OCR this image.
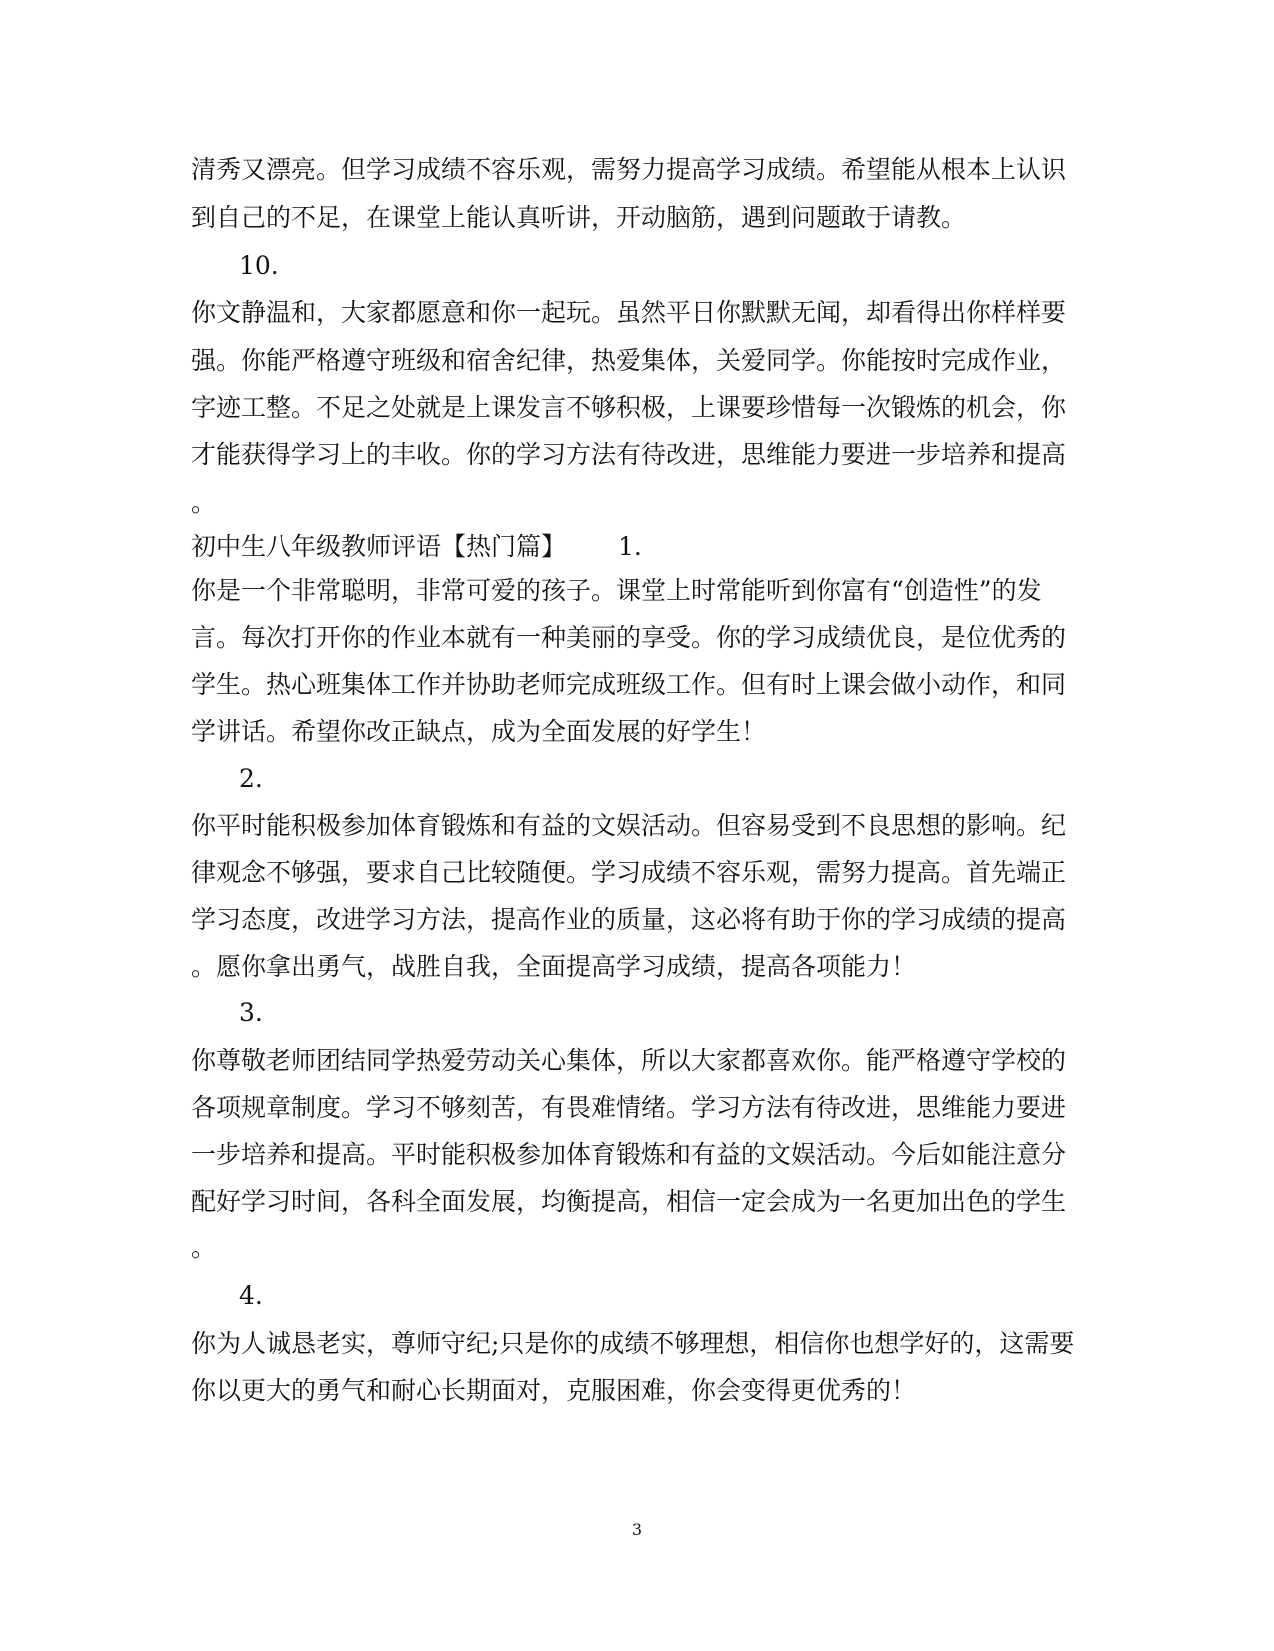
清秀又漂亮。但学习成绩不容乐观，需努力提高学习成绩。希望能从根本上认识
到自己的不足，在课堂上能认真听讲，开动脑筋，遇到问题敢于请教。
10.
你文静温和，大家都愿意和你一起玩。虽然平日你默默无闻，却看得出你样样要
强。你能严格遵守班级和宿舍纪律，热爱集体，关爱同学。你能按时完成作业，
字迹工整。不足之处就是上课发言不够积极，上课要珍惜每一次锻炼的机会，你
才能获得学习上的丰收。你的学习方法有待改进，思维能力要进一步培养和提高
。
初中生八年级教师评语【热门篇】 1.
你是一个非常聪明，非常可爱的孩子。课堂上时常能听到你富有“创造性”的发
言。每次打开你的作业本就有一种美丽的享受。你的学习成绩优良，是位优秀的
学生。热心班集体工作并协助老师完成班级工作。但有时上课会做小动作，和同
学讲话。希望你改正缺点，成为全面发展的好学生！
2.
你平时能积极参加体育锻炼和有益的文娱活动。但容易受到不良思想的影响。纪
律观念不够强，要求自己比较随便。学习成绩不容乐观，需努力提高。首先端正
学习态度，改进学习方法，提高作业的质量，这必将有助于你的学习成绩的提高
。愿你拿出勇气，战胜自我，全面提高学习成绩，提高各项能力！
3.
你尊敬老师团结同学热爱劳动关心集体，所以大家都喜欢你。能严格遵守学校的
各项规章制度。学习不够刻苦，有畏难情绪。学习方法有待改进，思维能力要进
一步培养和提高。平时能积极参加体育锻炼和有益的文娱活动。今后如能注意分
配好学习时间，各科全面发展，均衡提高，相信一定会成为一名更加出色的学生
。
4.
你为人诚恳老实，尊师守纪;只是你的成绩不够理想，相信你也想学好的，这需要
你以更大的勇气和耐心长期面对，克服困难，你会变得更优秀的！
3
